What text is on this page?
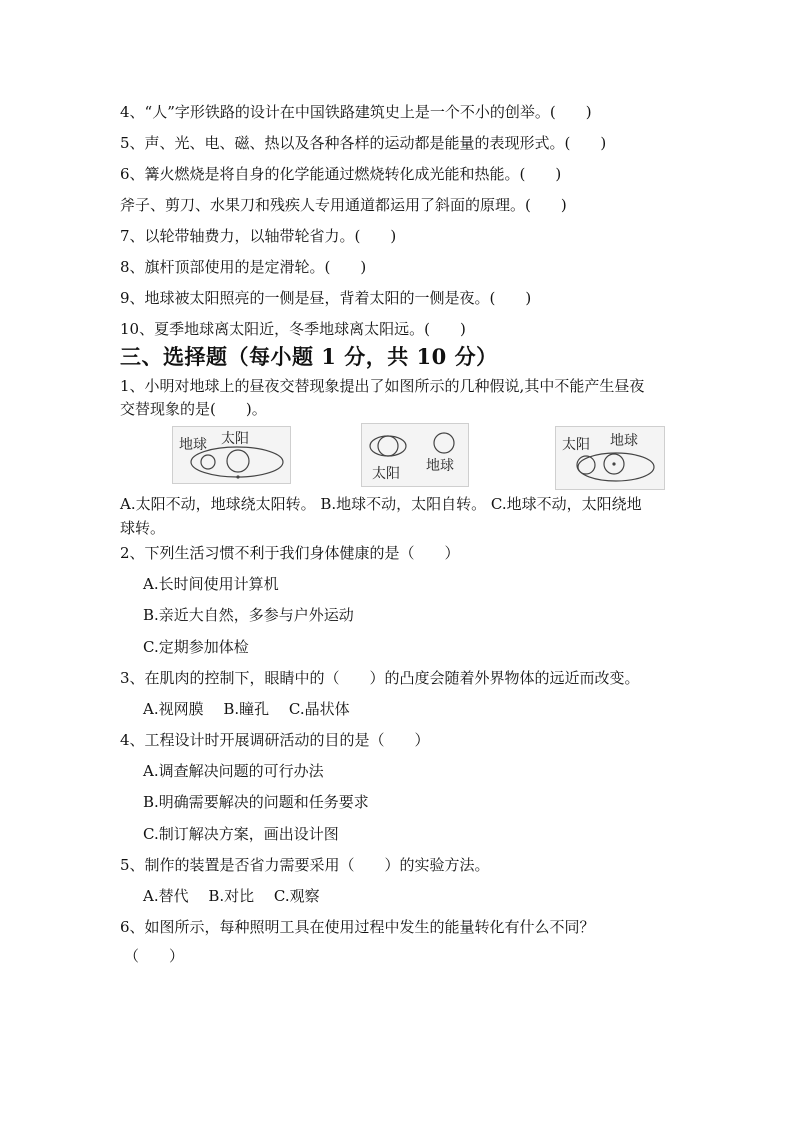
4、“人”字形铁路的设计在中国铁路建筑史上是一个不小的创举。(　　)
5、声、光、电、磁、热以及各种各样的运动都是能量的表现形式。(　　)
6、篝火燃烧是将自身的化学能通过燃烧转化成光能和热能。(　　)
斧子、剪刀、水果刀和残疾人专用通道都运用了斜面的原理。(　　)
7、以轮带轴费力，以轴带轮省力。(　　)
8、旗杆顶部使用的是定滑轮。(　　)
9、地球被太阳照亮的一侧是昼，背着太阳的一侧是夜。(　　)
10、夏季地球离太阳近，冬季地球离太阳远。(　　)
三、选择题（每小题 1 分，共 10 分）
1、小明对地球上的昼夜交替现象提出了如图所示的几种假说,其中不能产生昼夜
交替现象的是(　　)。
地球 太阳
太阳 地球
太阳 地球
A.太阳不动，地球绕太阳转。 B.地球不动，太阳自转。 C.地球不动，太阳绕地
球转。
2、下列生活习惯不利于我们身体健康的是（　　）
A.长时间使用计算机
B.亲近大自然，多参与户外运动
C.定期参加体检
3、在肌肉的控制下，眼睛中的（　　）的凸度会随着外界物体的远近而改变。
A.视网膜　 B.瞳孔　 C.晶状体
4、工程设计时开展调研活动的目的是（　　）
A.调查解决问题的可行办法
B.明确需要解决的问题和任务要求
C.制订解决方案，画出设计图
5、制作的装置是否省力需要采用（　　）的实验方法。
A.替代　 B.对比　 C.观察
6、如图所示，每种照明工具在使用过程中发生的能量转化有什么不同？
（　　）
